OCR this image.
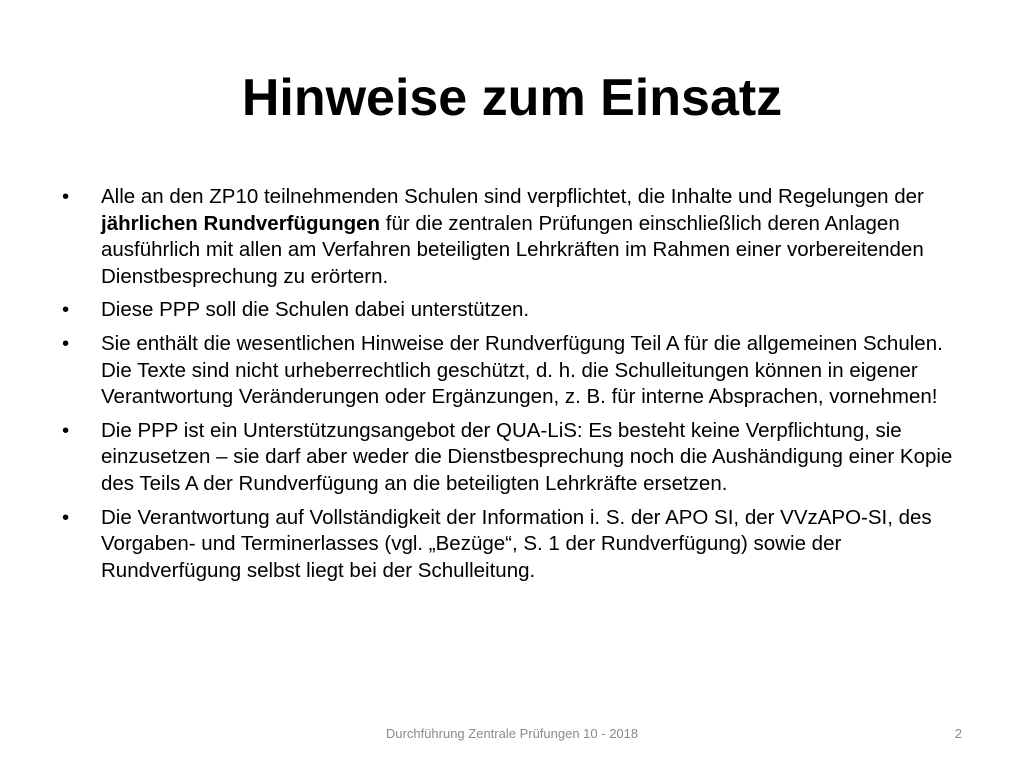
Hinweise zum Einsatz
•	Alle an den ZP10 teilnehmenden Schulen sind verpflichtet, die Inhalte und Regelungen der jährlichen Rundverfügungen für die zentralen Prüfungen einschließlich deren Anlagen ausführlich mit allen am Verfahren beteiligten Lehrkräften im Rahmen einer vorbereitenden Dienstbesprechung zu erörtern.
•	Diese PPP soll die Schulen dabei unterstützen.
•	Sie enthält die wesentlichen Hinweise der Rundverfügung Teil A für die allgemeinen Schulen. Die Texte sind nicht urheberrechtlich geschützt, d. h. die Schulleitungen können in eigener Verantwortung Veränderungen oder Ergänzungen, z. B. für interne Absprachen, vornehmen!
•	Die PPP ist ein Unterstützungsangebot der QUA-LiS: Es besteht keine Verpflichtung, sie einzusetzen – sie darf aber weder die Dienstbesprechung noch die Aushändigung einer Kopie des Teils A der Rundverfügung an die beteiligten Lehrkräfte ersetzen.
•	Die Verantwortung auf Vollständigkeit der Information i. S. der APO SI, der VVzAPO-SI, des Vorgaben- und Terminerlasses (vgl. „Bezüge“, S. 1 der Rundverfügung) sowie der Rundverfügung selbst liegt bei der Schulleitung.
Durchführung Zentrale Prüfungen 10 - 2018	2
